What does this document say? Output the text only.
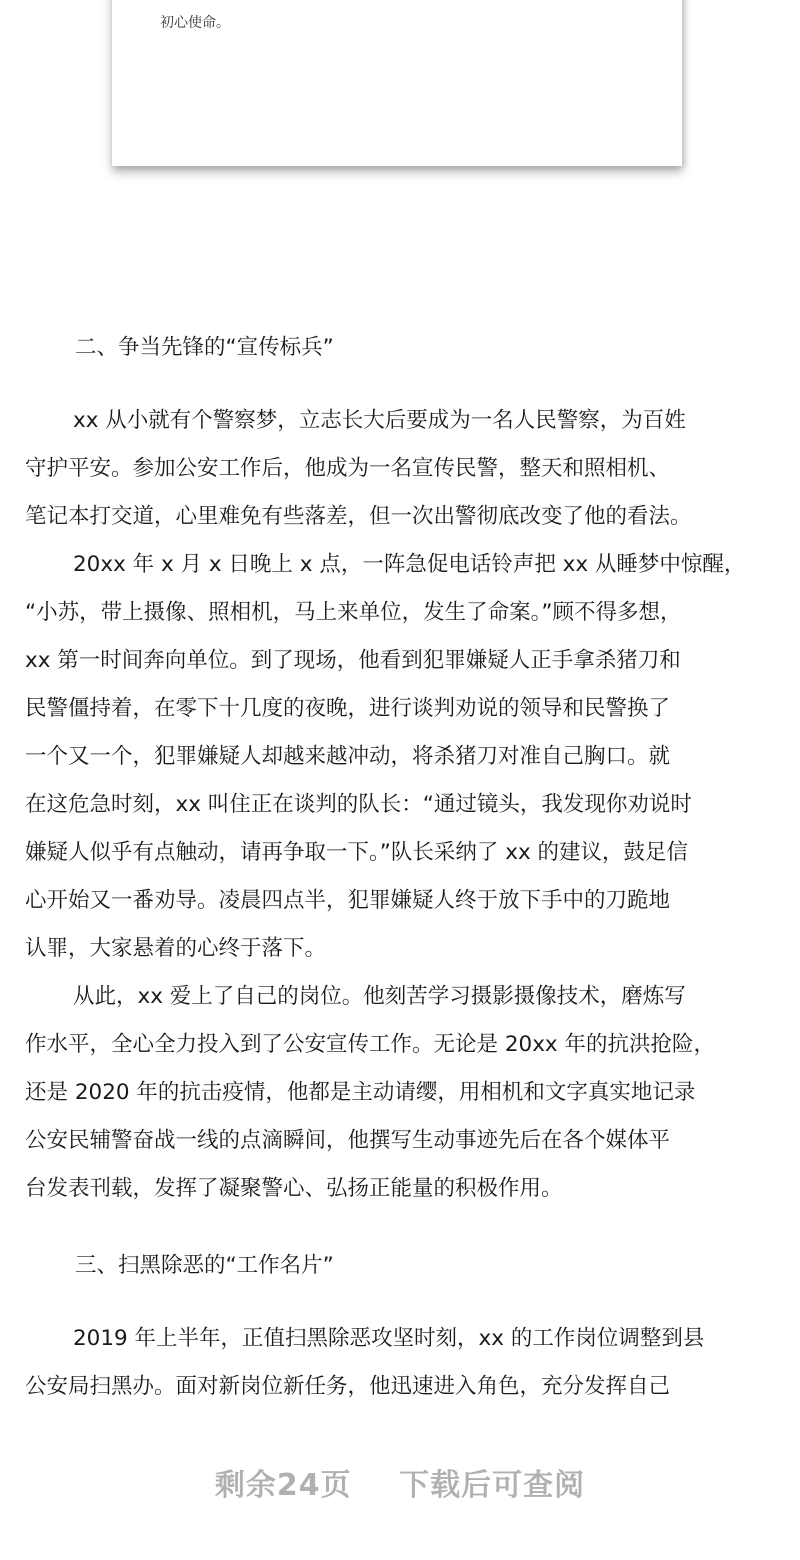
初心使命。

二、争当先锋的“宣传标兵”
xx 从小就有个警察梦，立志长大后要成为一名人民警察，为百姓
守护平安。参加公安工作后，他成为一名宣传民警，整天和照相机、
笔记本打交道，心里难免有些落差，但一次出警彻底改变了他的看法。
20xx 年 x 月 x 日晚上 x 点，一阵急促电话铃声把 xx 从睡梦中惊醒，
“小苏，带上摄像、照相机，马上来单位，发生了命案。”顾不得多想，
xx 第一时间奔向单位。到了现场，他看到犯罪嫌疑人正手拿杀猪刀和
民警僵持着，在零下十几度的夜晚，进行谈判劝说的领导和民警换了
一个又一个，犯罪嫌疑人却越来越冲动，将杀猪刀对准自己胸口。就
在这危急时刻，xx 叫住正在谈判的队长：“通过镜头，我发现你劝说时
嫌疑人似乎有点触动，请再争取一下。”队长采纳了 xx 的建议，鼓足信
心开始又一番劝导。凌晨四点半，犯罪嫌疑人终于放下手中的刀跪地
认罪，大家悬着的心终于落下。
从此，xx 爱上了自己的岗位。他刻苦学习摄影摄像技术，磨炼写
作水平，全心全力投入到了公安宣传工作。无论是 20xx 年的抗洪抢险，
还是 2020 年的抗击疫情，他都是主动请缨，用相机和文字真实地记录
公安民辅警奋战一线的点滴瞬间，他撰写生动事迹先后在各个媒体平
台发表刊载，发挥了凝聚警心、弘扬正能量的积极作用。
三、扫黑除恶的“工作名片”
2019 年上半年，正值扫黑除恶攻坚时刻，xx 的工作岗位调整到县
公安局扫黑办。面对新岗位新任务，他迅速进入角色，充分发挥自己
剩余24页 下载后可查阅
